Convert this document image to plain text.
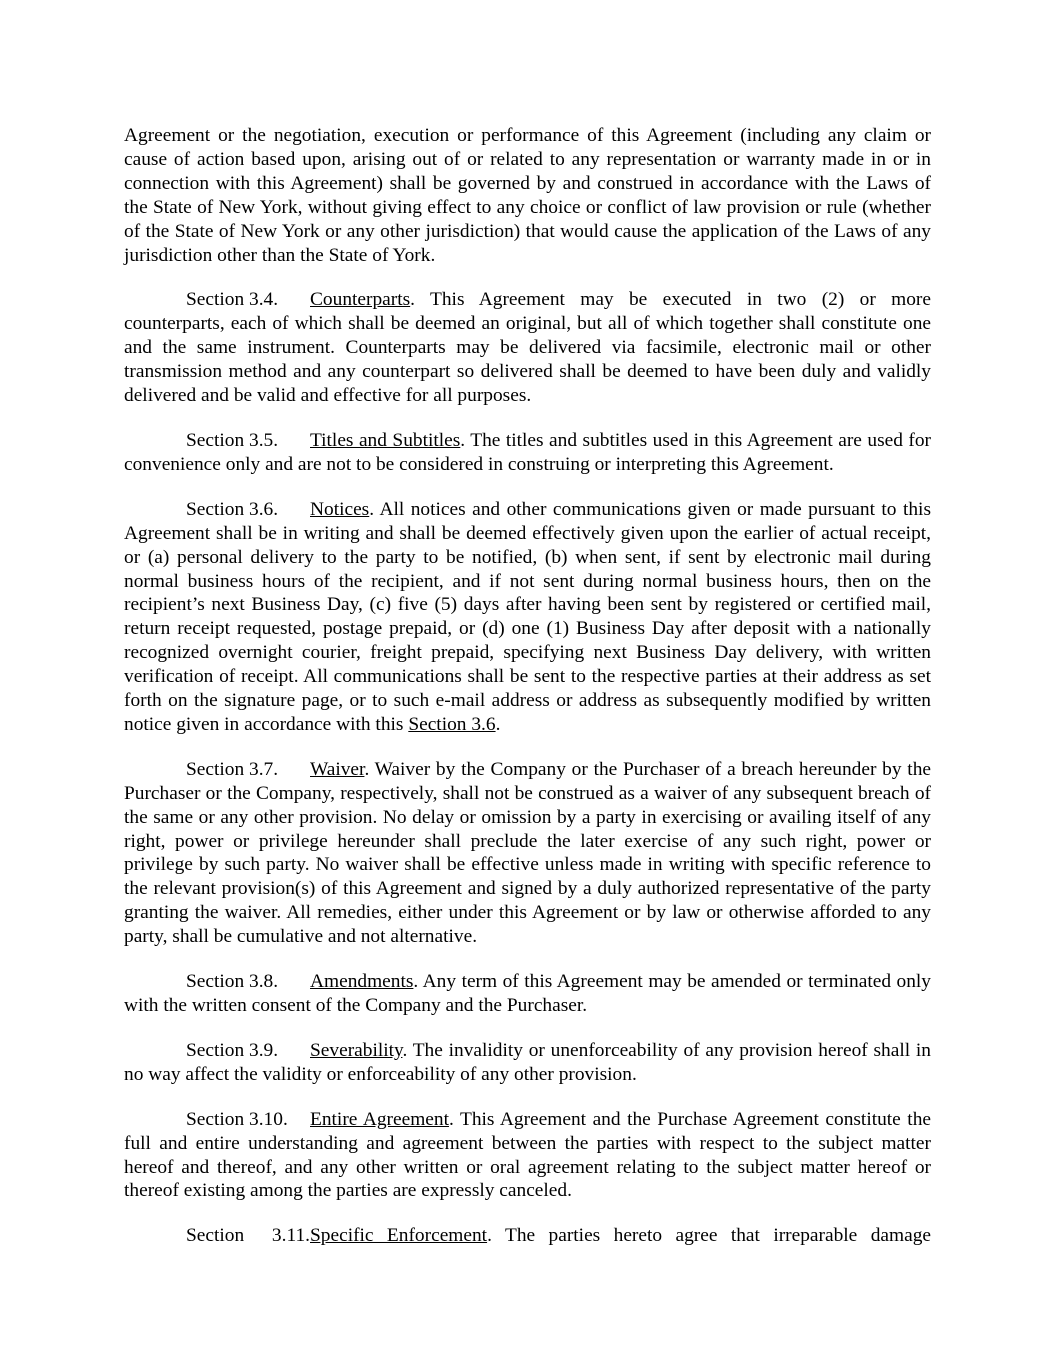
Agreement or the negotiation, execution or performance of this Agreement (including any claim or cause of action based upon, arising out of or related to any representation or warranty made in or in connection with this Agreement) shall be governed by and construed in accordance with the Laws of the State of New York, without giving effect to any choice or conflict of law provision or rule (whether of the State of New York or any other jurisdiction) that would cause the application of the Laws of any jurisdiction other than the State of York.

Section 3.4. Counterparts. This Agreement may be executed in two (2) or more counterparts, each of which shall be deemed an original, but all of which together shall constitute one and the same instrument. Counterparts may be delivered via facsimile, electronic mail or other transmission method and any counterpart so delivered shall be deemed to have been duly and validly delivered and be valid and effective for all purposes.

Section 3.5. Titles and Subtitles. The titles and subtitles used in this Agreement are used for convenience only and are not to be considered in construing or interpreting this Agreement.

Section 3.6. Notices. All notices and other communications given or made pursuant to this Agreement shall be in writing and shall be deemed effectively given upon the earlier of actual receipt, or (a) personal delivery to the party to be notified, (b) when sent, if sent by electronic mail during normal business hours of the recipient, and if not sent during normal business hours, then on the recipient’s next Business Day, (c) five (5) days after having been sent by registered or certified mail, return receipt requested, postage prepaid, or (d) one (1) Business Day after deposit with a nationally recognized overnight courier, freight prepaid, specifying next Business Day delivery, with written verification of receipt. All communications shall be sent to the respective parties at their address as set forth on the signature page, or to such e-mail address or address as subsequently modified by written notice given in accordance with this Section 3.6.

Section 3.7. Waiver. Waiver by the Company or the Purchaser of a breach hereunder by the Purchaser or the Company, respectively, shall not be construed as a waiver of any subsequent breach of the same or any other provision. No delay or omission by a party in exercising or availing itself of any right, power or privilege hereunder shall preclude the later exercise of any such right, power or privilege by such party. No waiver shall be effective unless made in writing with specific reference to the relevant provision(s) of this Agreement and signed by a duly authorized representative of the party granting the waiver. All remedies, either under this Agreement or by law or otherwise afforded to any party, shall be cumulative and not alternative.

Section 3.8. Amendments. Any term of this Agreement may be amended or terminated only with the written consent of the Company and the Purchaser.

Section 3.9. Severability. The invalidity or unenforceability of any provision hereof shall in no way affect the validity or enforceability of any other provision.

Section 3.10. Entire Agreement. This Agreement and the Purchase Agreement constitute the full and entire understanding and agreement between the parties with respect to the subject matter hereof and thereof, and any other written or oral agreement relating to the subject matter hereof or thereof existing among the parties are expressly canceled.

Section 3.11.Specific Enforcement. The parties hereto agree that irreparable damage
